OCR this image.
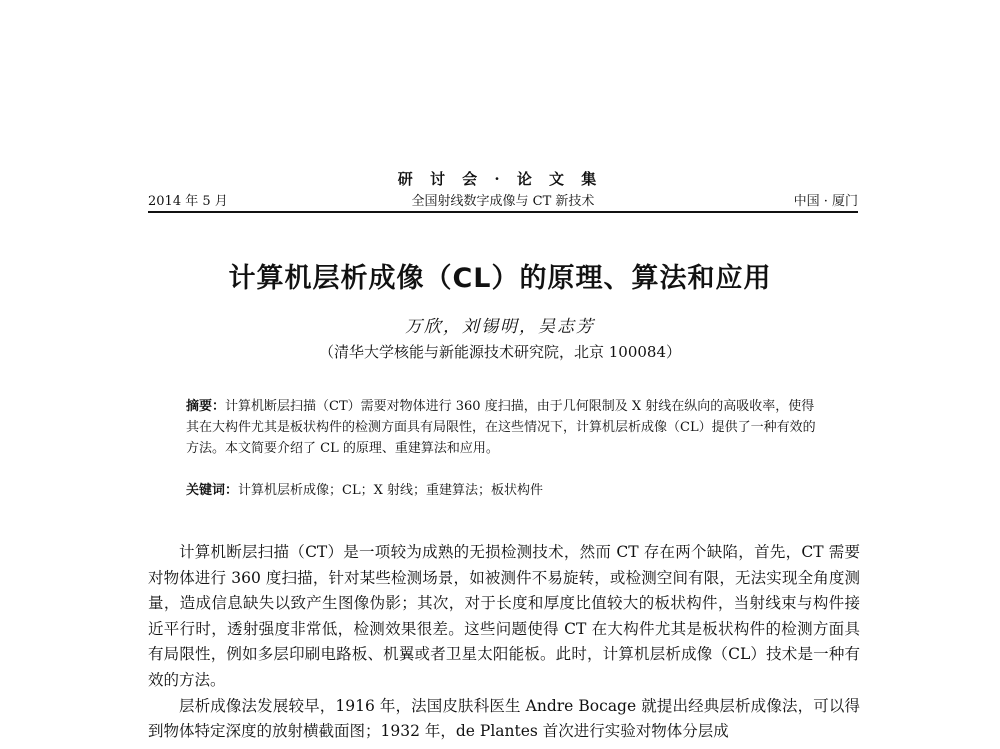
研 讨 会 · 论 文 集
2014 年 5 月	全国射线数字成像与 CT 新技术	中国 · 厦门
计算机层析成像（CL）的原理、算法和应用
万欣，刘锡明，吴志芳
（清华大学核能与新能源技术研究院，北京 100084）
摘要：计算机断层扫描（CT）需要对物体进行 360 度扫描，由于几何限制及 X 射线在纵向的高吸收率，使得其在大构件尤其是板状构件的检测方面具有局限性，在这些情况下，计算机层析成像（CL）提供了一种有效的方法。本文简要介绍了 CL 的原理、重建算法和应用。
关键词：计算机层析成像；CL；X 射线；重建算法；板状构件

计算机断层扫描（CT）是一项较为成熟的无损检测技术，然而 CT 存在两个缺陷，首先，CT 需要对物体进行 360 度扫描，针对某些检测场景，如被测件不易旋转，或检测空间有限，无法实现全角度测量，造成信息缺失以致产生图像伪影；其次，对于长度和厚度比值较大的板状构件，当射线束与构件接近平行时，透射强度非常低，检测效果很差。这些问题使得 CT 在大构件尤其是板状构件的检测方面具有局限性，例如多层印刷电路板、机翼或者卫星太阳能板。此时，计算机层析成像（CL）技术是一种有效的方法。

层析成像法发展较早，1916 年，法国皮肤科医生 Andre Bocage 就提出经典层析成像法，可以得到物体特定深度的放射横截面图；1932 年，de Plantes 首次进行实验对物体分层成
